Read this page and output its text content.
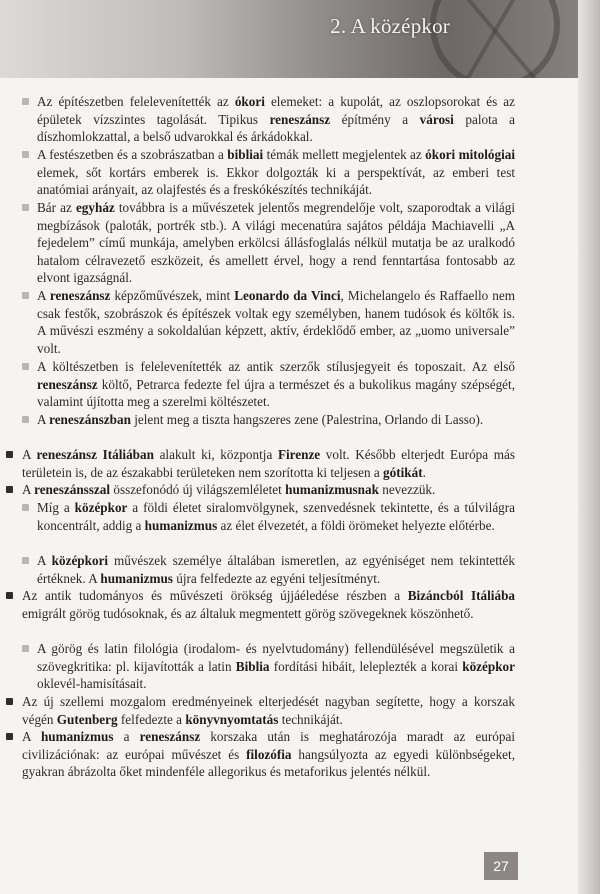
2. A középkor
Az építészetben felelevenítették az ókori elemeket: a kupolát, az oszlopsorokat és az épületek vízszintes tagolását. Tipikus reneszánsz építmény a városi palota a díszhomlokzattal, a belső udvarokkal és árkádokkal.
A festészetben és a szobrászatban a bibliai témák mellett megjelentek az ókori mitológiai elemek, sőt kortárs emberek is. Ekkor dolgozták ki a perspektívát, az emberi test anatómiai arányait, az olajfestés és a freskókészítés technikáját.
Bár az egyház továbbra is a művészetek jelentős megrendelője volt, szaporodtak a világi megbízások (paloták, portrék stb.). A világi mecenatúra sajátos példája Machiavelli „A fejedelem” című munkája, amelyben erkölcsi állásfoglalás nélkül mutatja be az uralkodó hatalom célravezető eszközeit, és amellett érvel, hogy a rend fenntartása fontosabb az elvont igazságnál.
A reneszánsz képzőművészek, mint Leonardo da Vinci, Michelangelo és Raffaello nem csak festők, szobrászok és építészek voltak egy személyben, hanem tudósok és költők is. A művészi eszmény a sokoldalúan képzett, aktív, érdeklődő ember, az „uomo universale” volt.
A költészetben is felelevenítették az antik szerzők stílusjegyeit és toposzait. Az első reneszánsz költő, Petrarca fedezte fel újra a természet és a bukolikus magány szépségét, valamint újította meg a szerelmi költészetet.
A reneszánszban jelent meg a tiszta hangszeres zene (Palestrina, Orlando di Lasso).
A reneszánsz Itáliában alakult ki, központja Firenze volt. Később elterjedt Európa más területein is, de az északabbi területeken nem szorította ki teljesen a gótikát.
A reneszánsszal összefonódó új világszemléletet humanizmusnak nevezzük.
Míg a középkor a földi életet siralomvölgynek, szenvedésnek tekintette, és a túlvilágra koncentrált, addig a humanizmus az élet élvezetét, a földi örömeket helyezte előtérbe.
A középkori művészek személye általában ismeretlen, az egyéniséget nem tekintették értéknek. A humanizmus újra felfedezte az egyéni teljesítményt.
Az antik tudományos és művészeti örökség újjáéledése részben a Bizáncból Itáliába emigrált görög tudósoknak, és az általuk megmentett görög szövegeknek köszönhető.
A görög és latin filológia (irodalom- és nyelvtudomány) fellendülésével megszületik a szövegkritika: pl. kijavították a latin Biblia fordítási hibáit, leleplezték a korai középkor oklevél-hamisításait.
Az új szellemi mozgalom eredményeinek elterjedését nagyban segítette, hogy a korszak végén Gutenberg felfedezte a könyvnyomtatás technikáját.
A humanizmus a reneszánsz korszaka után is meghatározója maradt az európai civilizációnak: az európai művészet és filozófia hangsúlyozta az egyedi különbségeket, gyakran ábrázolta őket mindenféle allegorikus és metaforikus jelentés nélkül.
27
